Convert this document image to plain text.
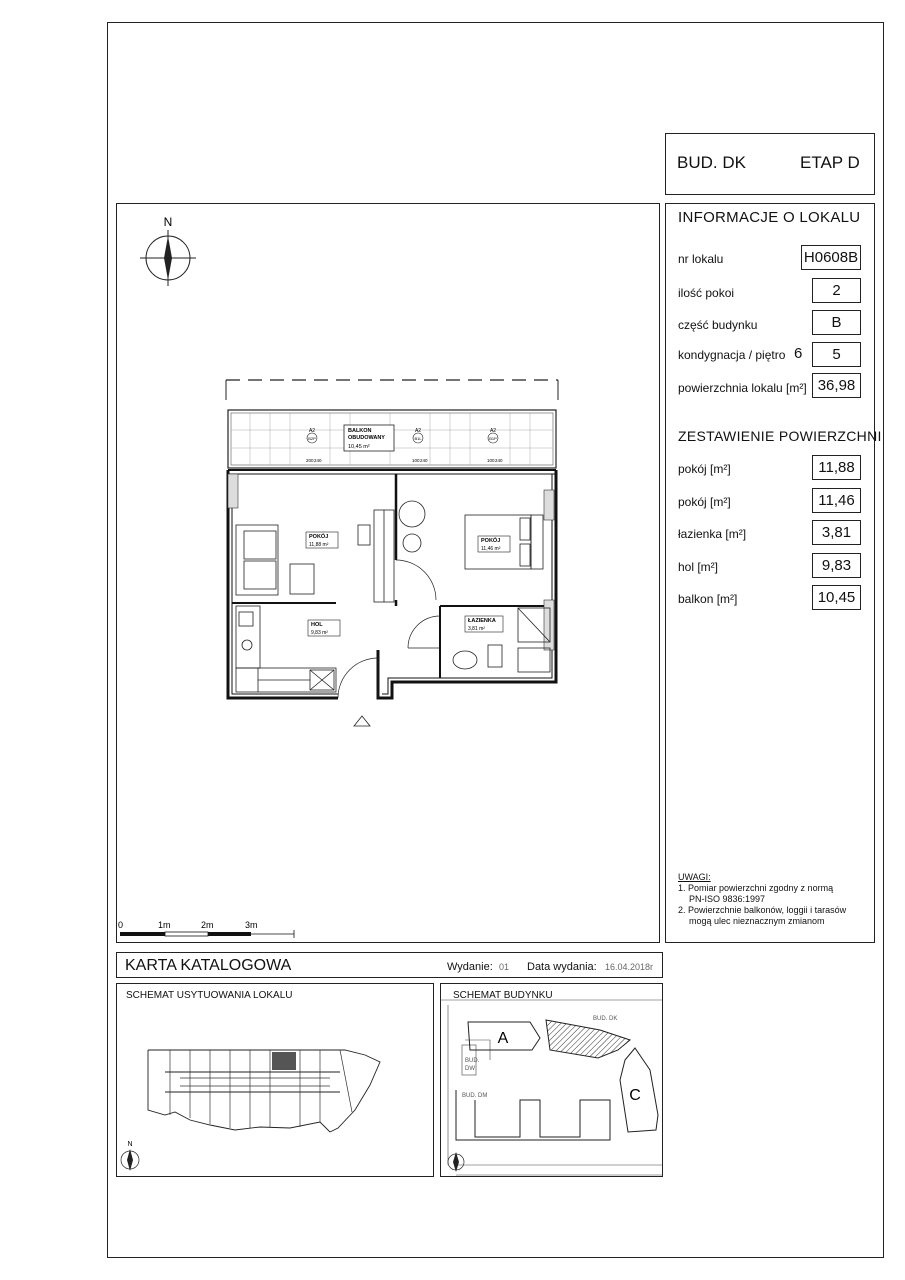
BUD. DK	ETAP D
INFORMACJE O LOKALU
nr lokalu	H0608B
ilość pokoi	2
część budynku	B
kondygnacja / piętro 6	5
powierzchnia lokalu [m²] 36,98
ZESTAWIENIE POWIERZCHNI
pokój [m²]	11,88
pokój [m²]	11,46
łazienka [m²]	3,81
hol [m²]	9,83
balkon [m²]	10,45
UWAGI:
1. Pomiar powierzchni zgodny z normą
PN-ISO 9836:1997
2. Powierzchnie balkonów, loggii i tarasów
mogą ulec nieznacznym zmianom
N
BALKON
OBUDOWANY
10,45 m²
A2
B2P
200 240
A2
B1L
100 240
A2
B1P
100 240
POKÓJ
11,88 m²
POKÓJ
11,46 m²
HOL
9,83 m²
ŁAZIENKA
3,81 m²
0	1m	2m	3m
KARTA KATALOGOWA	Wydanie: 01 Data wydania: 16.04.2018r
SCHEMAT USYTUOWANIA LOKALU
N
SCHEMAT BUDYNKU
A
C
BUD. DK
BUD.
DW
BUD. DM
